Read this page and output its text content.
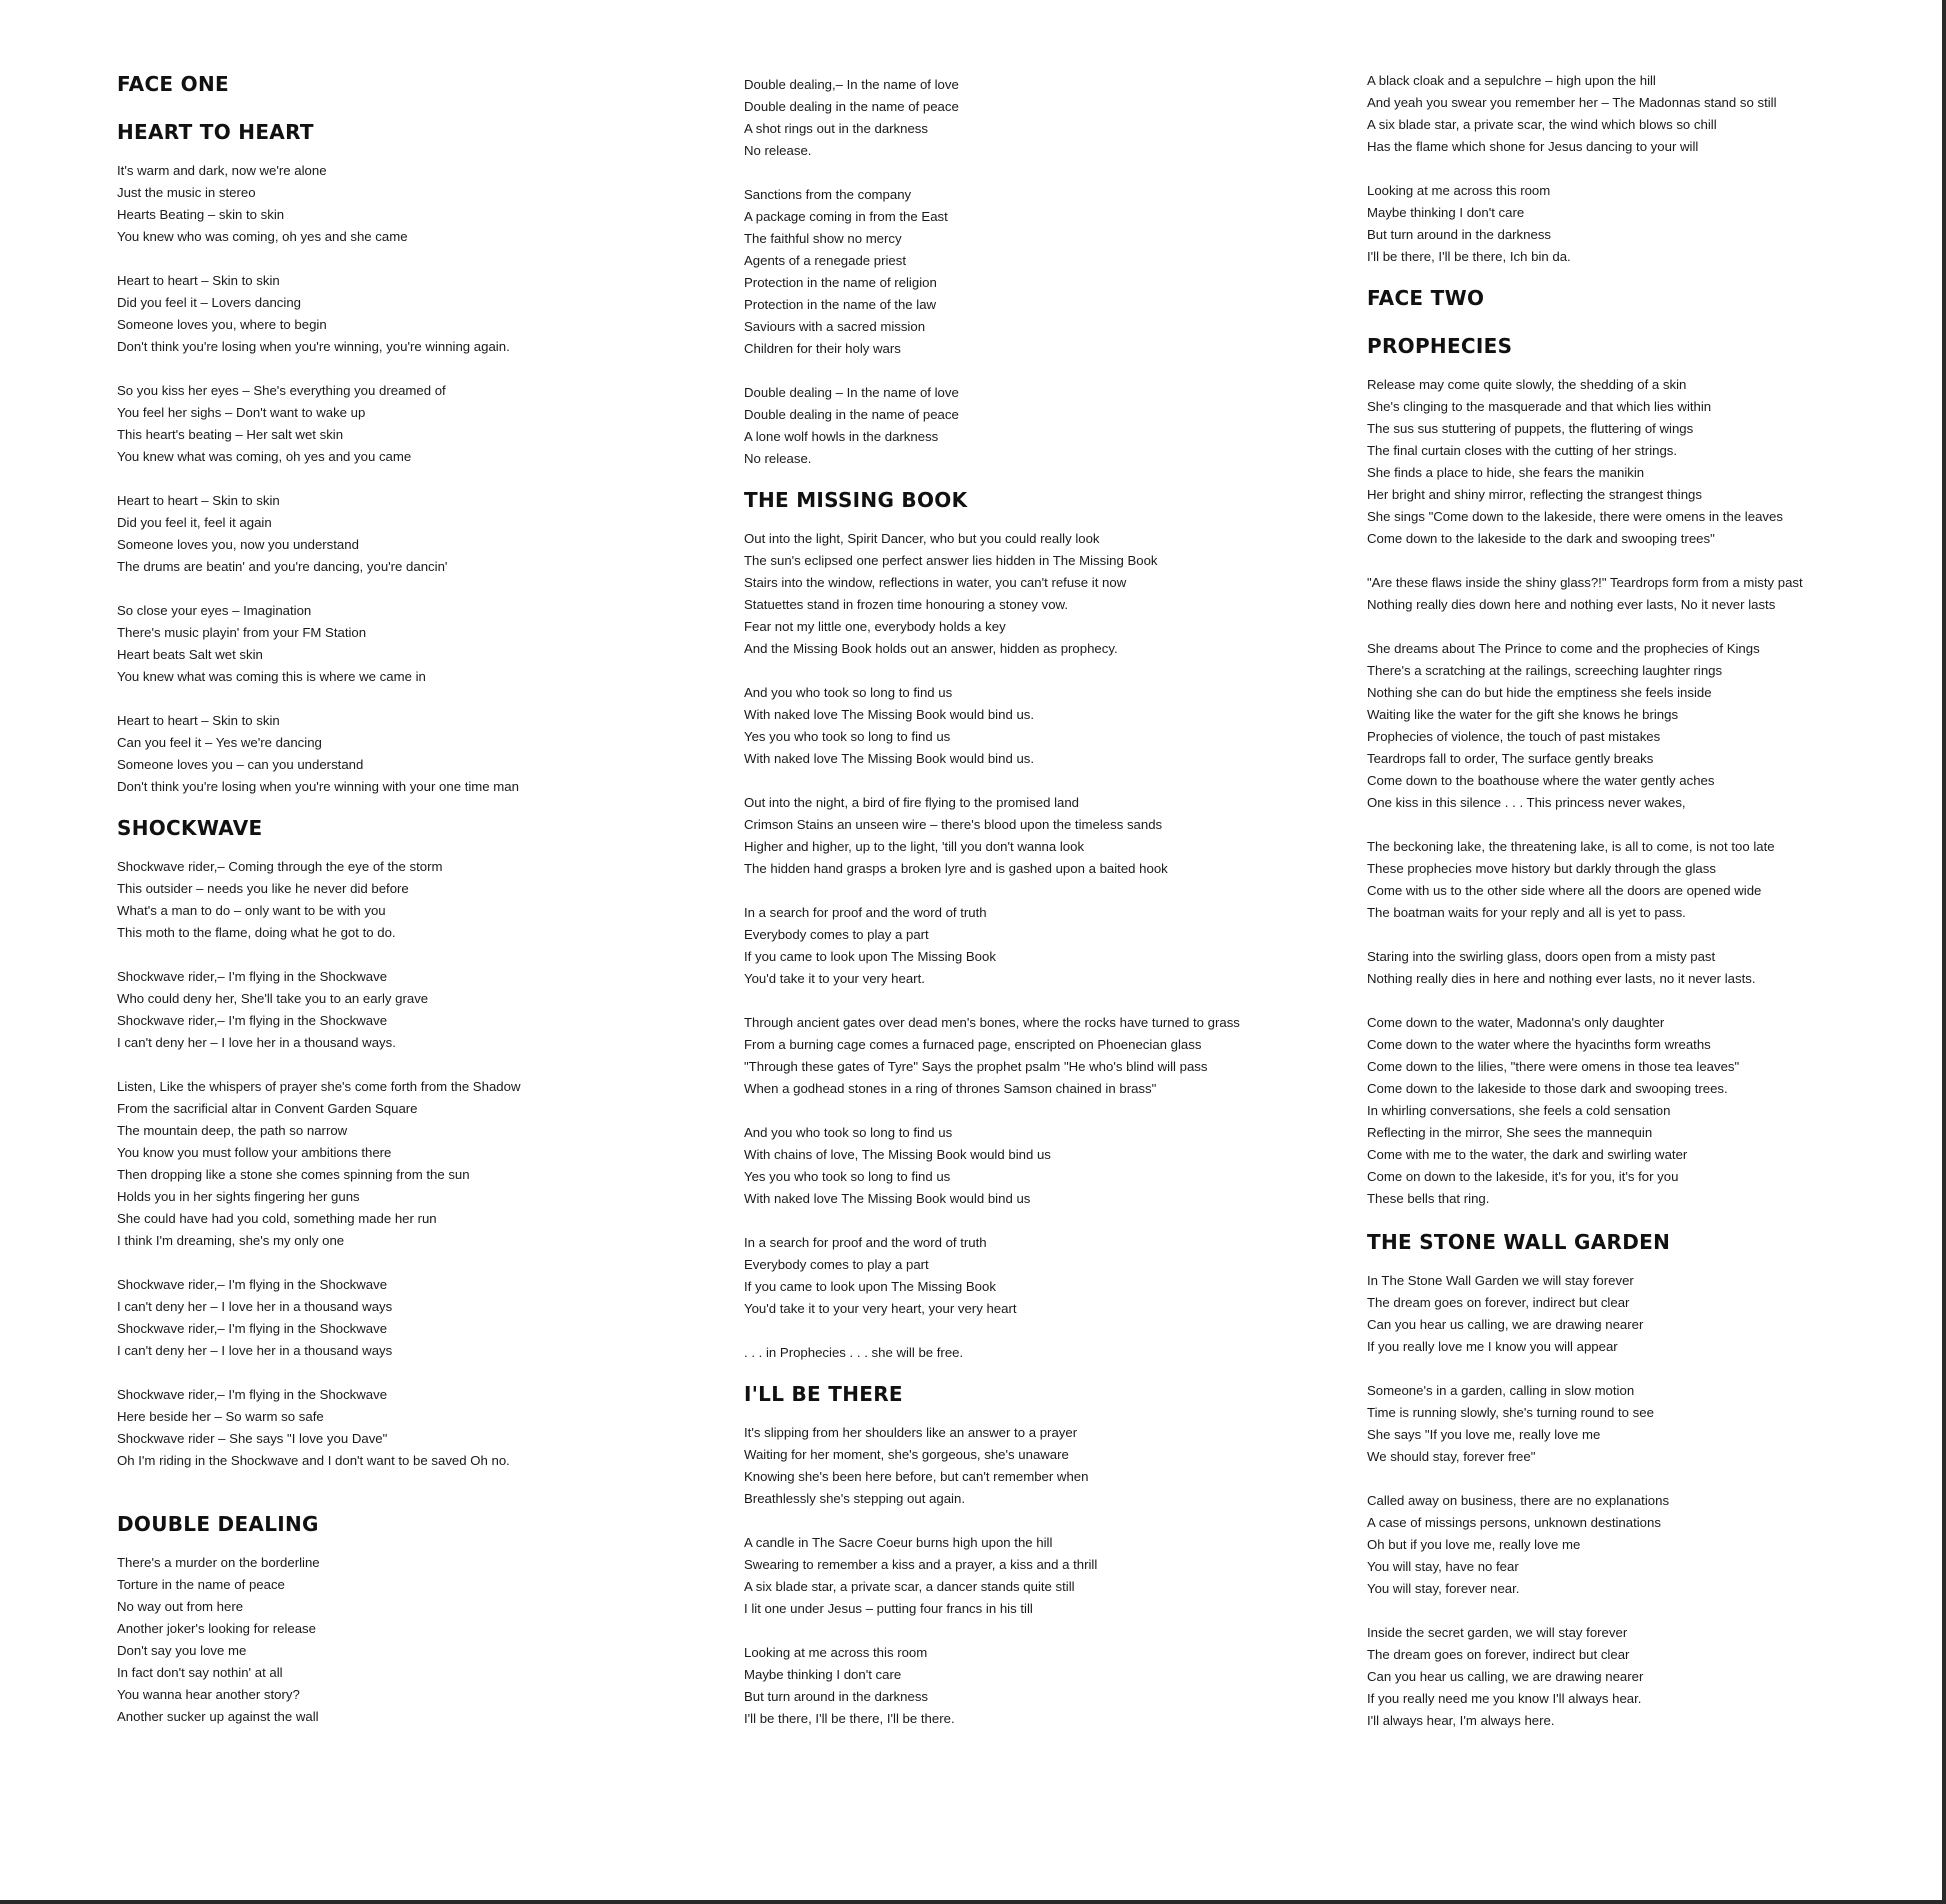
FACE ONE
HEART TO HEART
It's warm and dark, now we're alone
Just the music in stereo
Hearts Beating – skin to skin
You knew who was coming, oh yes and she came
Heart to heart – Skin to skin
Did you feel it – Lovers dancing
Someone loves you, where to begin
Don't think you're losing when you're winning, you're winning again.
So you kiss her eyes – She's everything you dreamed of
You feel her sighs – Don't want to wake up
This heart's beating – Her salt wet skin
You knew what was coming, oh yes and you came
Heart to heart – Skin to skin
Did you feel it, feel it again
Someone loves you, now you understand
The drums are beatin' and you're dancing, you're dancin'
So close your eyes – Imagination
There's music playin' from your FM Station
Heart beats Salt wet skin
You knew what was coming this is where we came in
Heart to heart – Skin to skin
Can you feel it – Yes we're dancing
Someone loves you – can you understand
Don't think you're losing when you're winning with your one time man
SHOCKWAVE
Shockwave rider,– Coming through the eye of the storm
This outsider – needs you like he never did before
What's a man to do – only want to be with you
This moth to the flame, doing what he got to do.
Shockwave rider,– I'm flying in the Shockwave
Who could deny her, She'll take you to an early grave
Shockwave rider,– I'm flying in the Shockwave
I can't deny her – I love her in a thousand ways.
Listen, Like the whispers of prayer she's come forth from the Shadow
From the sacrificial altar in Convent Garden Square
The mountain deep, the path so narrow
You know you must follow your ambitions there
Then dropping like a stone she comes spinning from the sun
Holds you in her sights fingering her guns
She could have had you cold, something made her run
I think I'm dreaming, she's my only one
Shockwave rider,– I'm flying in the Shockwave
I can't deny her – I love her in a thousand ways
Shockwave rider,– I'm flying in the Shockwave
I can't deny her – I love her in a thousand ways
Shockwave rider,– I'm flying in the Shockwave
Here beside her – So warm so safe
Shockwave rider – She says "I love you Dave"
Oh I'm riding in the Shockwave and I don't want to be saved Oh no.
DOUBLE DEALING
There's a murder on the borderline
Torture in the name of peace
No way out from here
Another joker's looking for release
Don't say you love me
In fact don't say nothin' at all
You wanna hear another story?
Another sucker up against the wall
Double dealing,– In the name of love
Double dealing in the name of peace
A shot rings out in the darkness
No release.
Sanctions from the company
A package coming in from the East
The faithful show no mercy
Agents of a renegade priest
Protection in the name of religion
Protection in the name of the law
Saviours with a sacred mission
Children for their holy wars
Double dealing – In the name of love
Double dealing in the name of peace
A lone wolf howls in the darkness
No release.
THE MISSING BOOK
Out into the light, Spirit Dancer, who but you could really look
The sun's eclipsed one perfect answer lies hidden in The Missing Book
Stairs into the window, reflections in water, you can't refuse it now
Statuettes stand in frozen time honouring a stoney vow.
Fear not my little one, everybody holds a key
And the Missing Book holds out an answer, hidden as prophecy.
And you who took so long to find us
With naked love The Missing Book would bind us.
Yes you who took so long to find us
With naked love The Missing Book would bind us.
Out into the night, a bird of fire flying to the promised land
Crimson Stains an unseen wire – there's blood upon the timeless sands
Higher and higher, up to the light, 'till you don't wanna look
The hidden hand grasps a broken lyre and is gashed upon a baited hook
In a search for proof and the word of truth
Everybody comes to play a part
If you came to look upon The Missing Book
You'd take it to your very heart.
Through ancient gates over dead men's bones, where the rocks have turned to grass
From a burning cage comes a furnaced page, enscripted on Phoenecian glass
"Through these gates of Tyre" Says the prophet psalm "He who's blind will pass
When a godhead stones in a ring of thrones Samson chained in brass"
And you who took so long to find us
With chains of love, The Missing Book would bind us
Yes you who took so long to find us
With naked love The Missing Book would bind us
In a search for proof and the word of truth
Everybody comes to play a part
If you came to look upon The Missing Book
You'd take it to your very heart, your very heart
. . . in Prophecies . . . she will be free.
I'LL BE THERE
It's slipping from her shoulders like an answer to a prayer
Waiting for her moment, she's gorgeous, she's unaware
Knowing she's been here before, but can't remember when
Breathlessly she's stepping out again.
A candle in The Sacre Coeur burns high upon the hill
Swearing to remember a kiss and a prayer, a kiss and a thrill
A six blade star, a private scar, a dancer stands quite still
I lit one under Jesus – putting four francs in his till
Looking at me across this room
Maybe thinking I don't care
But turn around in the darkness
I'll be there, I'll be there, I'll be there.
A black cloak and a sepulchre – high upon the hill
And yeah you swear you remember her – The Madonnas stand so still
A six blade star, a private scar, the wind which blows so chill
Has the flame which shone for Jesus dancing to your will
Looking at me across this room
Maybe thinking I don't care
But turn around in the darkness
I'll be there, I'll be there, Ich bin da.
FACE TWO
PROPHECIES
Release may come quite slowly, the shedding of a skin
She's clinging to the masquerade and that which lies within
The sus sus stuttering of puppets, the fluttering of wings
The final curtain closes with the cutting of her strings.
She finds a place to hide, she fears the manikin
Her bright and shiny mirror, reflecting the strangest things
She sings "Come down to the lakeside, there were omens in the leaves
Come down to the lakeside to the dark and swooping trees"
"Are these flaws inside the shiny glass?!" Teardrops form from a misty past
Nothing really dies down here and nothing ever lasts, No it never lasts
She dreams about The Prince to come and the prophecies of Kings
There's a scratching at the railings, screeching laughter rings
Nothing she can do but hide the emptiness she feels inside
Waiting like the water for the gift she knows he brings
Prophecies of violence, the touch of past mistakes
Teardrops fall to order, The surface gently breaks
Come down to the boathouse where the water gently aches
One kiss in this silence . . . This princess never wakes,
The beckoning lake, the threatening lake, is all to come, is not too late
These prophecies move history but darkly through the glass
Come with us to the other side where all the doors are opened wide
The boatman waits for your reply and all is yet to pass.
Staring into the swirling glass, doors open from a misty past
Nothing really dies in here and nothing ever lasts, no it never lasts.
Come down to the water, Madonna's only daughter
Come down to the water where the hyacinths form wreaths
Come down to the lilies, "there were omens in those tea leaves"
Come down to the lakeside to those dark and swooping trees.
In whirling conversations, she feels a cold sensation
Reflecting in the mirror, She sees the mannequin
Come with me to the water, the dark and swirling water
Come on down to the lakeside, it's for you, it's for you
These bells that ring.
THE STONE WALL GARDEN
In The Stone Wall Garden we will stay forever
The dream goes on forever, indirect but clear
Can you hear us calling, we are drawing nearer
If you really love me I know you will appear
Someone's in a garden, calling in slow motion
Time is running slowly, she's turning round to see
She says "If you love me, really love me
We should stay, forever free"
Called away on business, there are no explanations
A case of missings persons, unknown destinations
Oh but if you love me, really love me
You will stay, have no fear
You will stay, forever near.
Inside the secret garden, we will stay forever
The dream goes on forever, indirect but clear
Can you hear us calling, we are drawing nearer
If you really need me you know I'll always hear.
I'll always hear, I'm always here.
